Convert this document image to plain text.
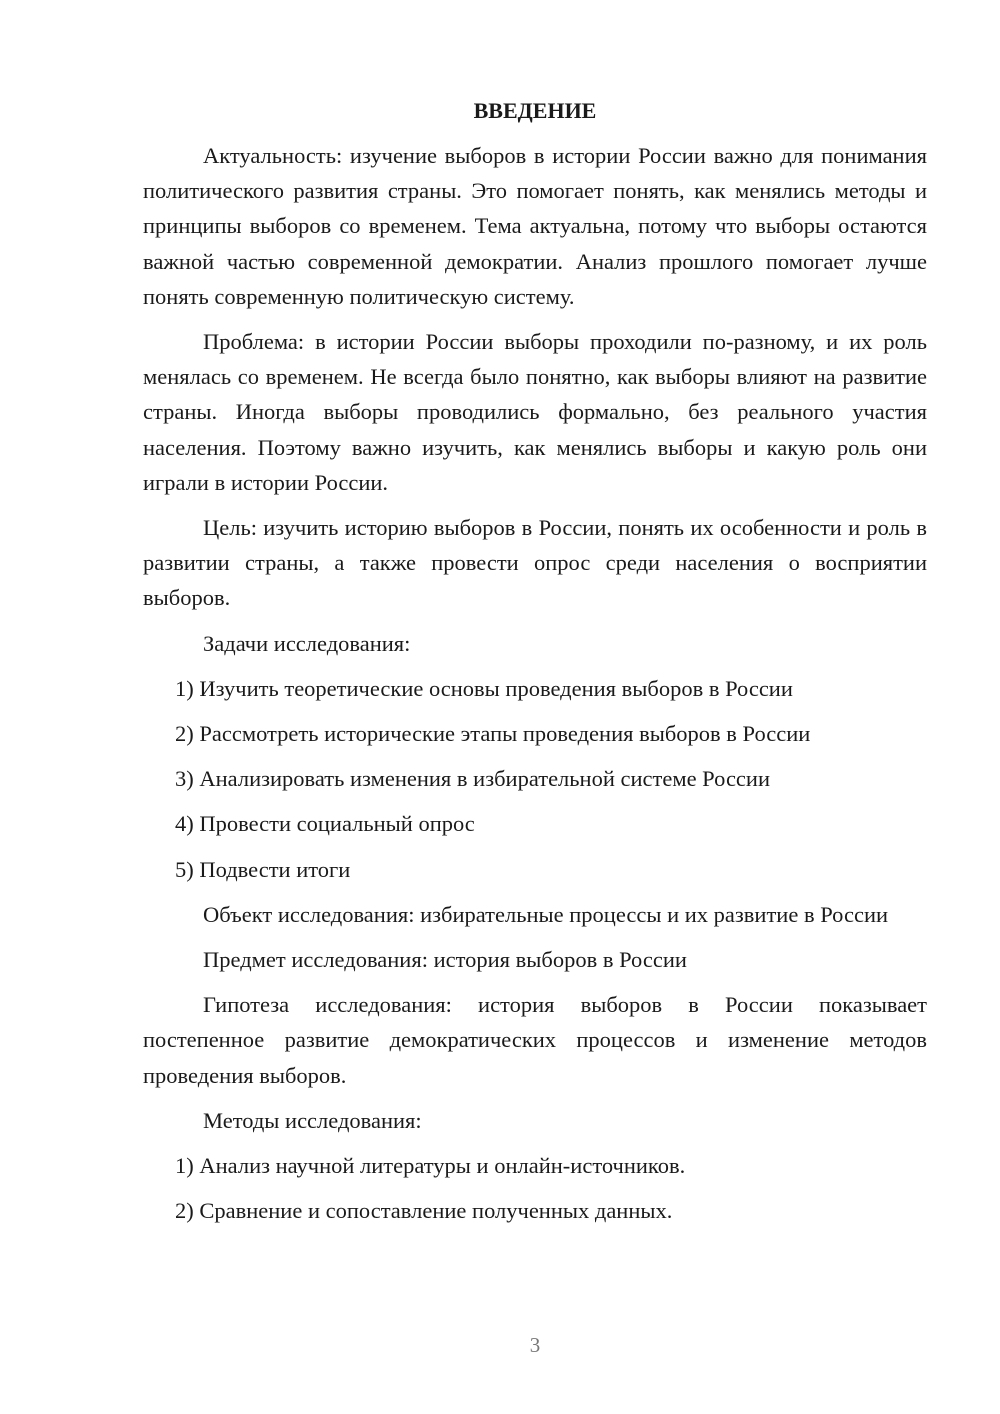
ВВЕДЕНИЕ

Актуальность: изучение выборов в истории России важно для понимания политического развития страны. Это помогает понять, как менялись методы и принципы выборов со временем. Тема актуальна, потому что выборы остаются важной частью современной демократии. Анализ прошлого помогает лучше понять современную политическую систему.

Проблема: в истории России выборы проходили по-разному, и их роль менялась со временем. Не всегда было понятно, как выборы влияют на развитие страны. Иногда выборы проводились формально, без реального участия населения. Поэтому важно изучить, как менялись выборы и какую роль они играли в истории России.

Цель: изучить историю выборов в России, понять их особенности и роль в развитии страны, а также провести опрос среди населения о восприятии выборов.

Задачи исследования:

1) Изучить теоретические основы проведения выборов в России
2) Рассмотреть исторические этапы проведения выборов в России
3) Анализировать изменения в избирательной системе России
4) Провести социальный опрос
5) Подвести итоги

Объект исследования: избирательные процессы и их развитие в России

Предмет исследования: история выборов в России

Гипотеза исследования: история выборов в России показывает постепенное развитие демократических процессов и изменение методов проведения выборов.

Методы исследования:

1) Анализ научной литературы и онлайн-источников.
2) Сравнение и сопоставление полученных данных.
3
